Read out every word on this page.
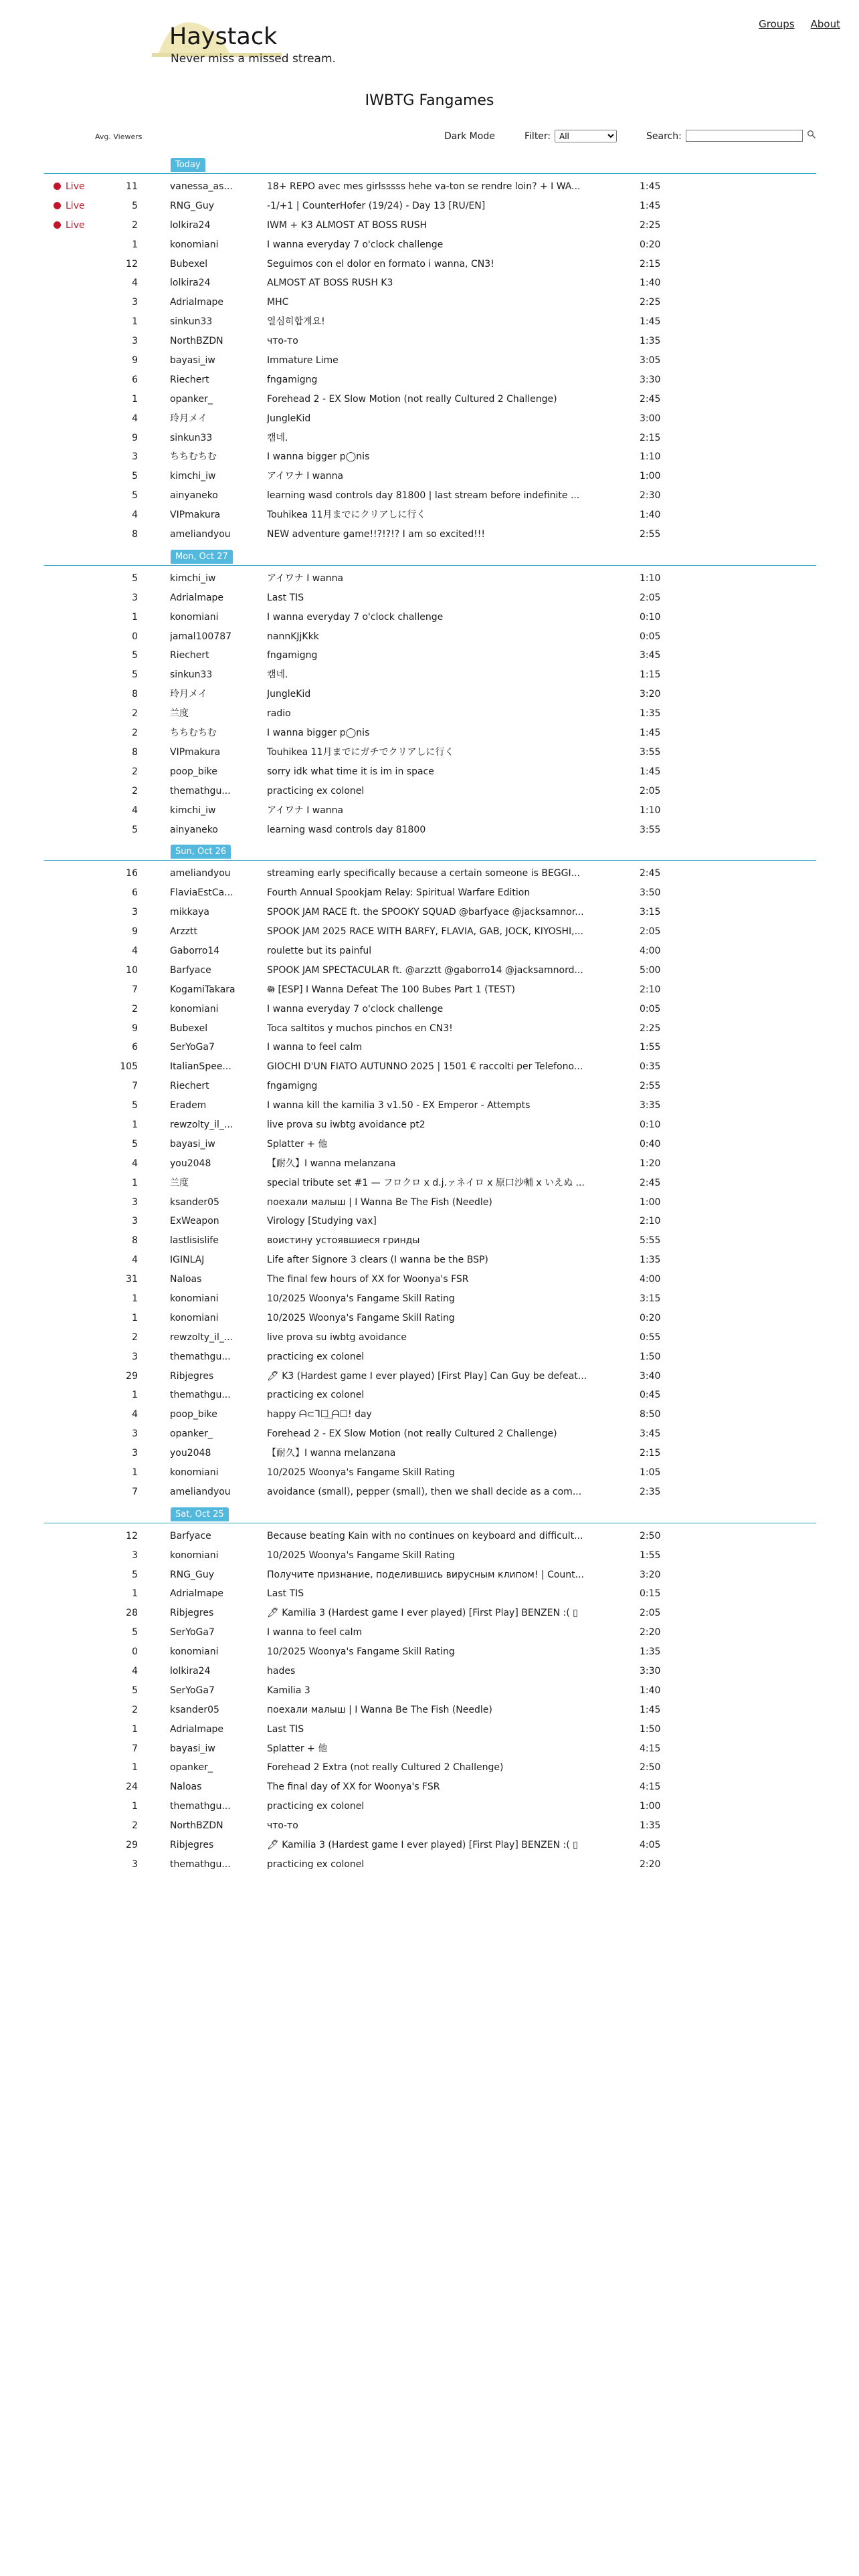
Haystack
Never miss a missed stream.
Groups About
IWBTG Fangames
Avg. Viewers	Dark Mode	Filter:
All	Search:
Today
Live	11	vanessa_as...	18+ REPO avec mes girlsssss hehe va-ton se rendre loin? + I WA...	1:45
Live	5	RNG_Guy	-1/+1 | CounterHofer (19/24) - Day 13 [RU/EN]	1:45
Live	2	lolkira24	IWM + K3 ALMOST AT BOSS RUSH	2:25
1	konomiani	I wanna everyday 7 o'clock challenge	0:20
12	Bubexel	Seguimos con el dolor en formato i wanna, CN3!	2:15
4	lolkira24	ALMOST AT BOSS RUSH K3	1:40
3	Adrialmape	MHC	2:25
1	sinkun33	열심히합게요!	1:45
3	NorthBZDN	что-то	1:35
9	bayasi_iw	Immature Lime	3:05
6	Riechert	fngamigng	3:30
1	opanker_	Forehead 2 - EX Slow Motion (not really Cultured 2 Challenge)	2:45
4	玲月メイ	JungleKid	3:00
9	sinkun33	캠네.	2:15
3	ちちむちむ	I wanna bigger p◯nis	1:10
5	kimchi_iw	アイワナ I wanna	1:00
5	ainyaneko	learning wasd controls day 81800 | last stream before indefinite ...	2:30
4	VIPmakura	Touhikea 11月までにクリアしに行く	1:40
8	ameliandyou	NEW adventure game!!?!?!? I am so excited!!!	2:55
Mon, Oct 27
5	kimchi_iw	アイワナ I wanna	1:10
3	Adrialmape	Last TIS	2:05
1	konomiani	I wanna everyday 7 o'clock challenge	0:10
0	jamal100787	nannKJjKkk	0:05
5	Riechert	fngamigng	3:45
5	sinkun33	캠네.	1:15
8	玲月メイ	JungleKid	3:20
2	兰度	radio	1:35
2	ちちむちむ	I wanna bigger p◯nis	1:45
8	VIPmakura	Touhikea 11月までにガチでクリアしに行く	3:55
2	poop_bike	sorry idk what time it is im in space	1:45
2	themathgu...	practicing ex colonel	2:05
4	kimchi_iw	アイワナ I wanna	1:10
5	ainyaneko	learning wasd controls day 81800	3:55
Sun, Oct 26
16	ameliandyou	streaming early specifically because a certain someone is BEGGI...	2:45
6	FlaviaEstCa...	Fourth Annual Spookjam Relay: Spiritual Warfare Edition	3:50
3	mikkaya	SPOOK JAM RACE ft. the SPOOKY SQUAD @barfyace @jacksamnor...	3:15
9	Arzztt	SPOOK JAM 2025 RACE WITH BARFY, FLAVIA, GAB, JOCK, KIYOSHI,...	2:05
4	Gaborro14	roulette but its painful	4:00
10	Barfyace	SPOOK JAM SPECTACULAR ft. @arzztt @gaborro14 @jacksamnord...	5:00
7	KogamiTakara	𖡎 [ESP] I Wanna Defeat The 100 Bubes Part 1 (TEST)	2:10
2	konomiani	I wanna everyday 7 o'clock challenge	0:05
9	Bubexel	Toca saltitos y muchos pinchos en CN3!	2:25
6	SerYoGa7	I wanna to feel calm	1:55
105	ItalianSpee...	GIOCHI D'UN FIATO AUTUNNO 2025 | 1501 € raccolti per Telefono...	0:35
7	Riechert	fngamigng	2:55
5	Eradem	I wanna kill the kamilia 3 v1.50 - EX Emperor - Attempts	3:35
1	rewzolty_il_...	live prova su iwbtg avoidance pt2	0:10
5	bayasi_iw	Splatter + 他	0:40
4	you2048	【耐久】I wanna melanzana	1:20
1	兰度	special tribute set #1 — フロクロ x d.j.ァネイロ x 原口沙輔 x いえぬ ...	2:45
3	ksander05	поехали малыш | I Wanna Be The Fish (Needle)	1:00
3	ExWeapon	Virology [Studying vax]	2:10
8	lastlisislife	воистину устоявшиеся гринды	5:55
4	IGINLAJ	Life after Signore 3 clears (I wanna be the BSP)	1:35
31	Naloas	The final few hours of XX for Woonya's FSR	4:00
1	konomiani	10/2025 Woonya's Fangame Skill Rating	3:15
1	konomiani	10/2025 Woonya's Fangame Skill Rating	0:20
2	rewzolty_il_...	live prova su iwbtg avoidance	0:55
3	themathgu...	practicing ex colonel	1:50
29	Ribjegres	🖊 K3 (Hardest game I ever played) [First Play] Can Guy be defeat...	3:40
1	themathgu...	practicing ex colonel	0:45
4	poop_bike	happy ᗩ⊂ᒣ☐͢ ᗩ☐! day	8:50
3	opanker_	Forehead 2 - EX Slow Motion (not really Cultured 2 Challenge)	3:45
3	you2048	【耐久】I wanna melanzana	2:15
1	konomiani	10/2025 Woonya's Fangame Skill Rating	1:05
7	ameliandyou	avoidance (small), pepper (small), then we shall decide as a com...	2:35
Sat, Oct 25
12	Barfyace	Because beating Kain with no continues on keyboard and difficult...	2:50
3	konomiani	10/2025 Woonya's Fangame Skill Rating	1:55
5	RNG_Guy	Получите признание, поделившись вирусным клипом! | Count...	3:20
1	Adrialmape	Last TIS	0:15
28	Ribjegres	🖊 Kamilia 3 (Hardest game I ever played) [First Play] BENZEN :( ▯	2:05
5	SerYoGa7	I wanna to feel calm	2:20
0	konomiani	10/2025 Woonya's Fangame Skill Rating	1:35
4	lolkira24	hades	3:30
5	SerYoGa7	Kamilia 3	1:40
2	ksander05	поехали малыш | I Wanna Be The Fish (Needle)	1:45
1	Adrialmape	Last TIS	1:50
7	bayasi_iw	Splatter + 他	4:15
1	opanker_	Forehead 2 Extra (not really Cultured 2 Challenge)	2:50
24	Naloas	The final day of XX for Woonya's FSR	4:15
1	themathgu...	practicing ex colonel	1:00
2	NorthBZDN	что-то	1:35
29	Ribjegres	🖊 Kamilia 3 (Hardest game I ever played) [First Play] BENZEN :( ▯	4:05
3	themathgu...	practicing ex colonel	2:20
